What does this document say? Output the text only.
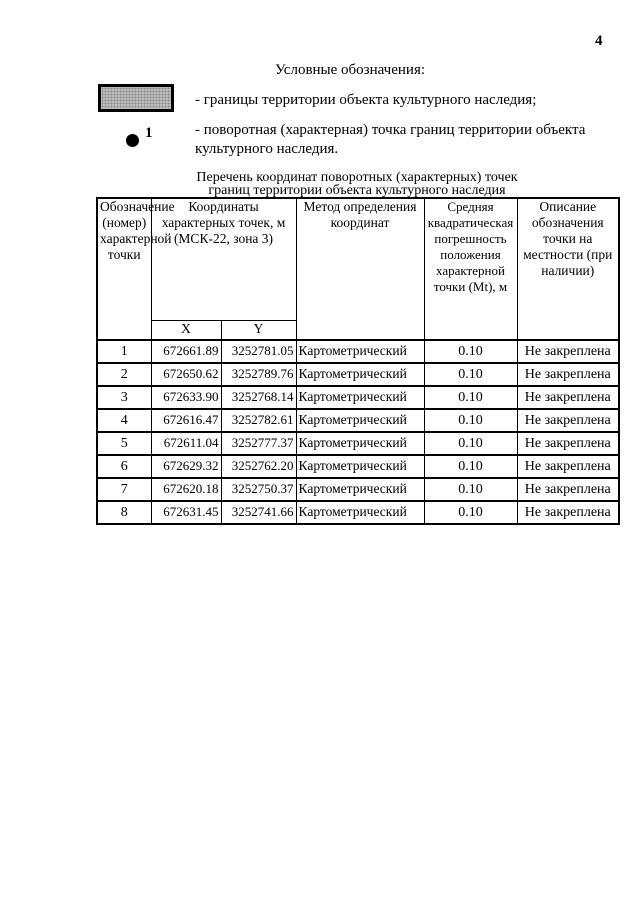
4
Условные обозначения:
- границы территории объекта культурного наследия;
1	- поворотная (характерная) точка границ территории объекта культурного наследия.
Перечень координат поворотных (характерных) точек
границ территории объекта культурного наследия
Обозначение (номер) характерной точки	Координаты характерных точек, м (МСК-22, зона 3)		Метод определения координат	Средняя квадратическая погрешность положения характерной точки (Mt), м	Описание обозначения точки на местности (при наличии)
	X	Y			
1	672661.89	3252781.05	Картометрический	0.10	Не закреплена
2	672650.62	3252789.76	Картометрический	0.10	Не закреплена
3	672633.90	3252768.14	Картометрический	0.10	Не закреплена
4	672616.47	3252782.61	Картометрический	0.10	Не закреплена
5	672611.04	3252777.37	Картометрический	0.10	Не закреплена
6	672629.32	3252762.20	Картометрический	0.10	Не закреплена
7	672620.18	3252750.37	Картометрический	0.10	Не закреплена
8	672631.45	3252741.66	Картометрический	0.10	Не закреплена
